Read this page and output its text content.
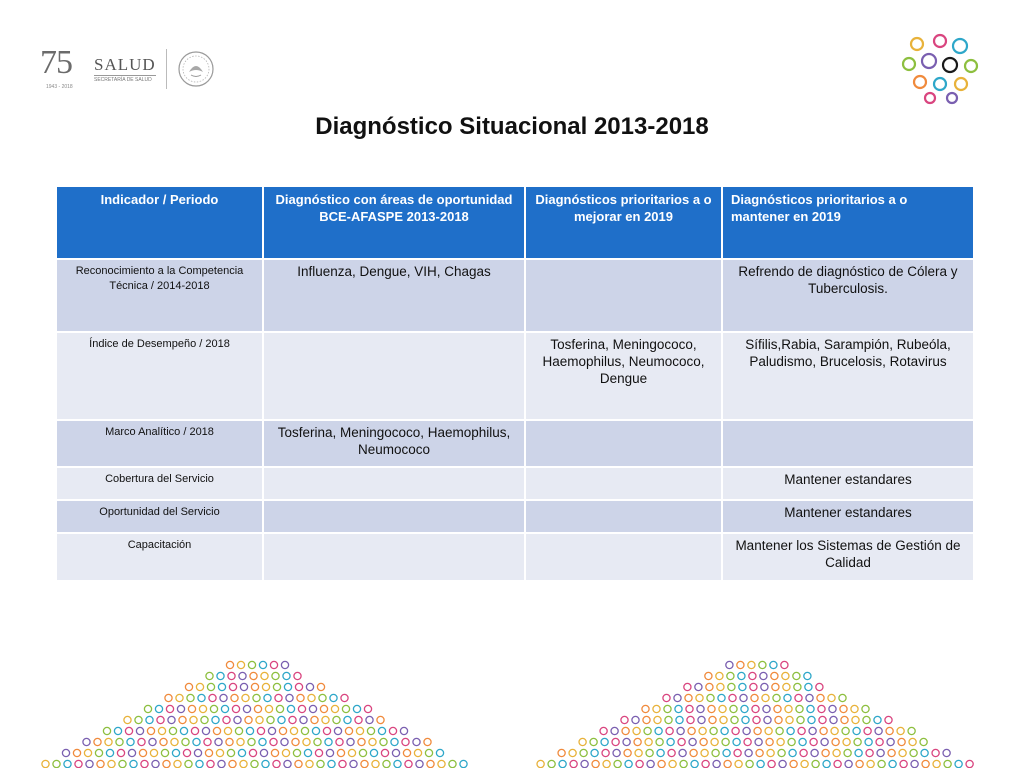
75
1943 - 2018
SALUD
SECRETARÍA DE SALUD
Diagnóstico Situacional 2013-2018
Indicador / Periodo	Diagnóstico con áreas de oportunidad
BCE-AFASPE 2013-2018	Diagnósticos prioritarios a o mejorar en 2019	Diagnósticos prioritarios a o mantener en 2019
Reconocimiento a la Competencia Técnica / 2014-2018	Influenza, Dengue, VIH, Chagas		Refrendo de diagnóstico de Cólera y Tuberculosis.
Índice de Desempeño / 2018		Tosferina, Meningococo, Haemophilus, Neumococo, Dengue	Sífilis,Rabia, Sarampión, Rubeóla, Paludismo, Brucelosis, Rotavirus
Marco Analítico / 2018	Tosferina, Meningococo, Haemophilus, Neumococo		
Cobertura del Servicio			Mantener estandares
Oportunidad del Servicio			Mantener estandares
Capacitación			Mantener los Sistemas de Gestión de Calidad
